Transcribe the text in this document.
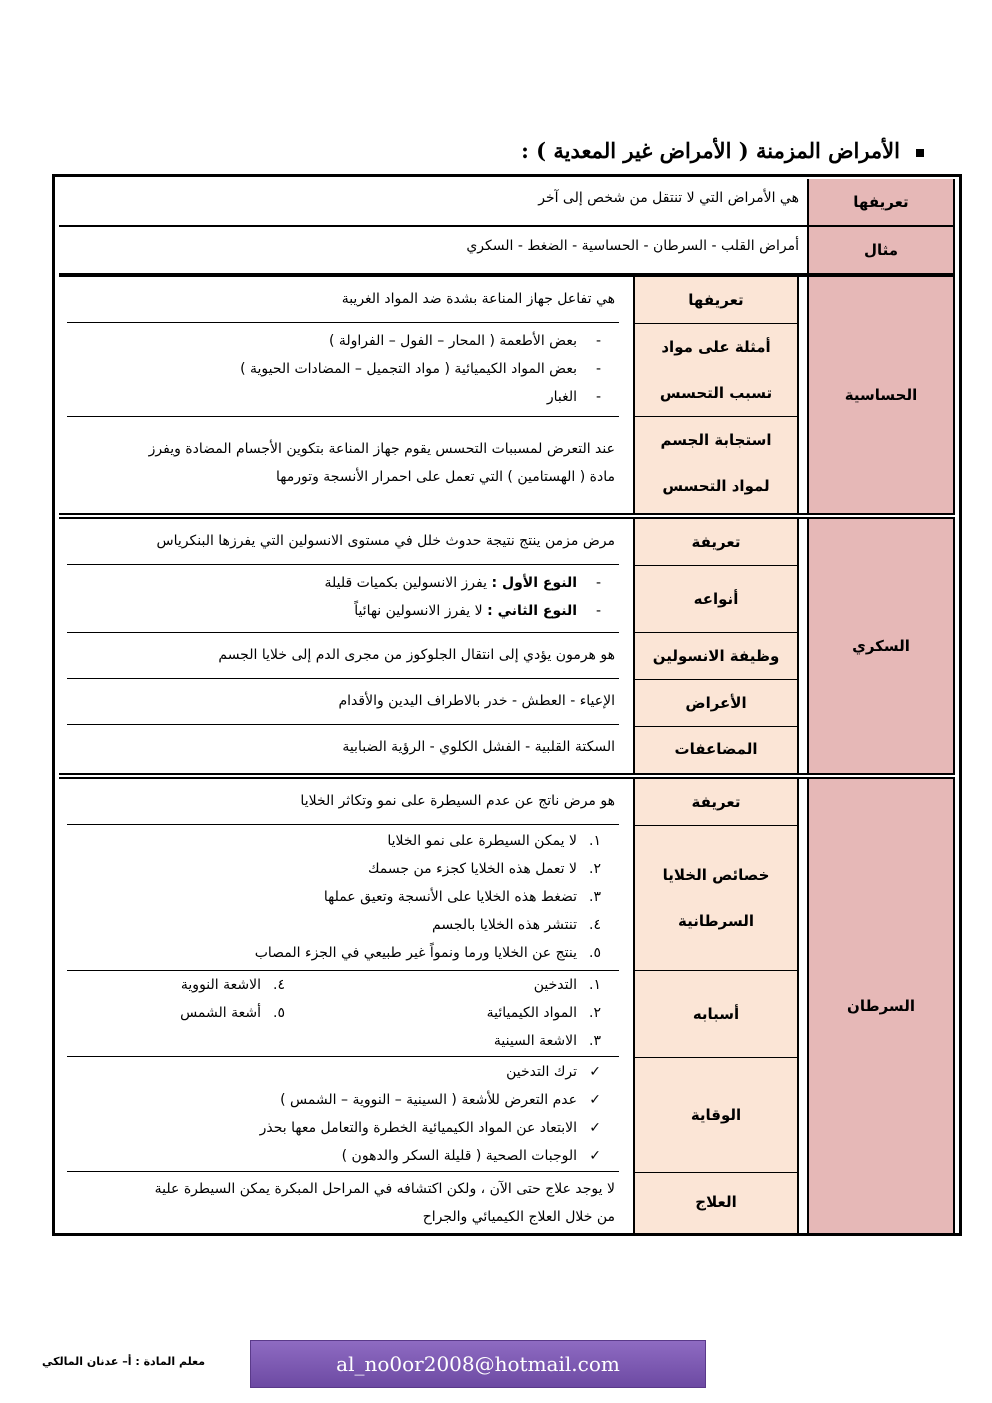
الأمراض المزمنة ( الأمراض غير المعدية ) :
تعريفها
هي الأمراض التي لا تنتقل من شخص إلى آخر
مثال
أمراض القلب - السرطان - الحساسية - الضغط - السكري
الحساسية
تعريفها
أمثلة على مواد
تسبب التحسس
استجابة الجسم
لمواد التحسس
هي تفاعل جهاز المناعة بشدة ضد المواد الغريبة
-
بعض الأطعمة ( المحار – الفول – الفراولة )
-
بعض المواد الكيميائية ( مواد التجميل – المضادات الحيوية )
-
الغبار
عند التعرض لمسببات التحسس يقوم جهاز المناعة بتكوين الأجسام المضادة ويفرز
مادة ( الهستامين ) التي تعمل على احمرار الأنسجة وتورمها
السكري
تعريفة
أنواعه
وظيفة الانسولين
الأعراض
المضاعفات
مرض مزمن ينتج نتيجة حدوث خلل في مستوى الانسولين التي يفرزها البنكرياس
-
النوع الأول : يفرز الانسولين بكميات قليلة
-
النوع الثاني : لا يفرز الانسولين نهائياً
هو هرمون يؤدي إلى انتقال الجلوكوز من مجرى الدم إلى خلايا الجسم
الإعياء - العطش - خدر بالاطراف اليدين والأقدام
السكتة القلبية - الفشل الكلوي - الرؤية الضبابية
السرطان
تعريفة
خصائص الخلايا
السرطانية
أسبابه
الوقاية
العلاج
هو مرض ناتج عن عدم السيطرة على نمو وتكاثر الخلايا
١.
لا يمكن السيطرة على نمو الخلايا
٢.
لا تعمل هذه الخلايا كجزء من جسمك
٣.
تضغط هذه الخلايا على الأنسجة وتعيق عملها
٤.
تنتشر هذه الخلايا بالجسم
٥.
ينتج عن الخلايا ورما ونمواً غير طبيعي في الجزء المصاب
١.
التدخين
٢.
المواد الكيميائية
٣.
الاشعة السينية
٤.
الاشعة النووية
٥.
أشعة الشمس
✓
ترك التدخين
✓
عدم التعرض للأشعة ( السينية – النووية – الشمس )
✓
الابتعاد عن المواد الكيميائية الخطرة والتعامل معها بحذر
✓
الوجبات الصحية ( قليلة السكر والدهون )
لا يوجد علاج حتى الآن ، ولكن اكتشافه في المراحل المبكرة يمكن السيطرة علية
من خلال العلاج الكيميائي والجراح
معلم المادة : أ– عدنان المالكي	al_no0or2008@hotmail.com
